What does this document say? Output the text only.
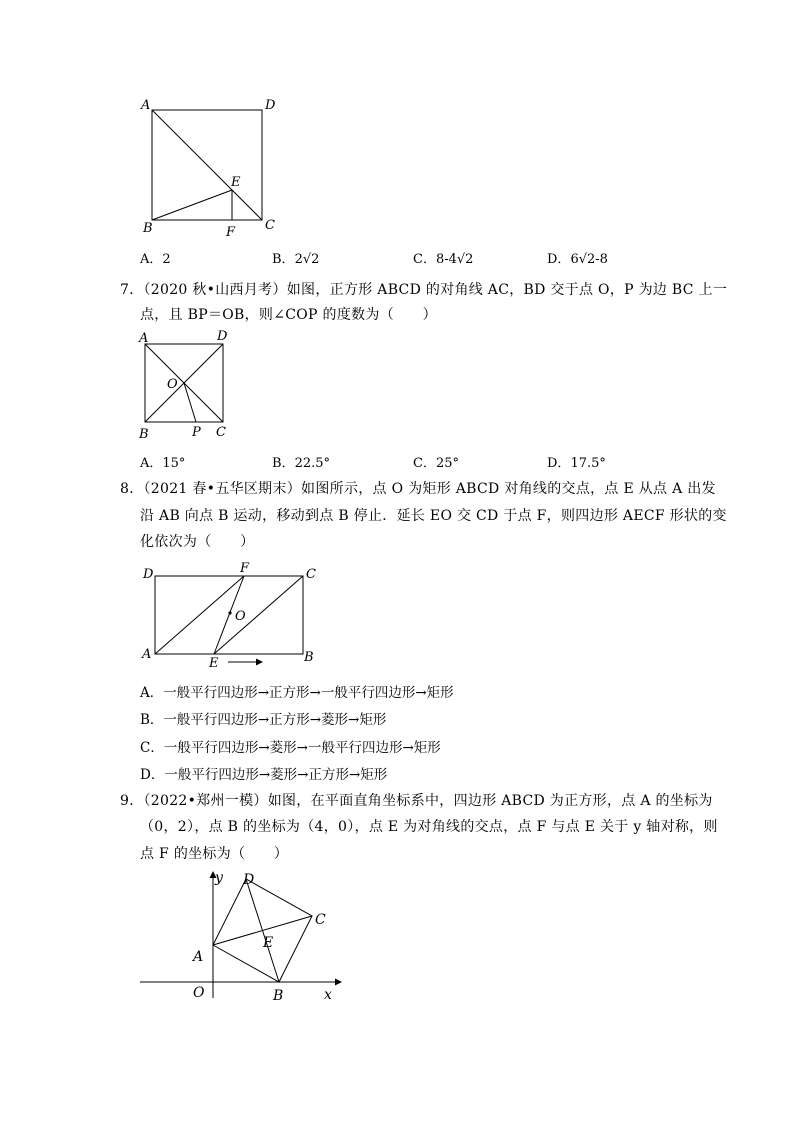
A	D
E
B	C
F
A．2	B．2√2	C．8-4√2	D．6√2-8
7．（2020 秋•山西月考）如图，正方形 ABCD 的对角线 AC，BD 交于点 O，P 为边 BC 上一
点，且 BP＝OB，则∠COP 的度数为（　　）
A	D
O
B	P C
A．15°	B．22.5°	C．25°	D．17.5°
8．（2021 春•五华区期末）如图所示，点 O 为矩形 ABCD 对角线的交点，点 E 从点 A 出发
沿 AB 向点 B 运动，移动到点 B 停止．延长 EO 交 CD 于点 F，则四边形 AECF 形状的变
化依次为（　　）
D	F	C
O
A
E	B
A．一般平行四边形→正方形→一般平行四边形→矩形
B．一般平行四边形→正方形→菱形→矩形
C．一般平行四边形→菱形→一般平行四边形→矩形
D．一般平行四边形→菱形→正方形→矩形
9．（2022•郑州一模）如图，在平面直角坐标系中，四边形 ABCD 为正方形，点 A 的坐标为
（0，2），点 B 的坐标为（4，0），点 E 为对角线的交点，点 F 与点 E 关于 y 轴对称，则
点 F 的坐标为（　　）
y D
C
E
A
O	B	x
